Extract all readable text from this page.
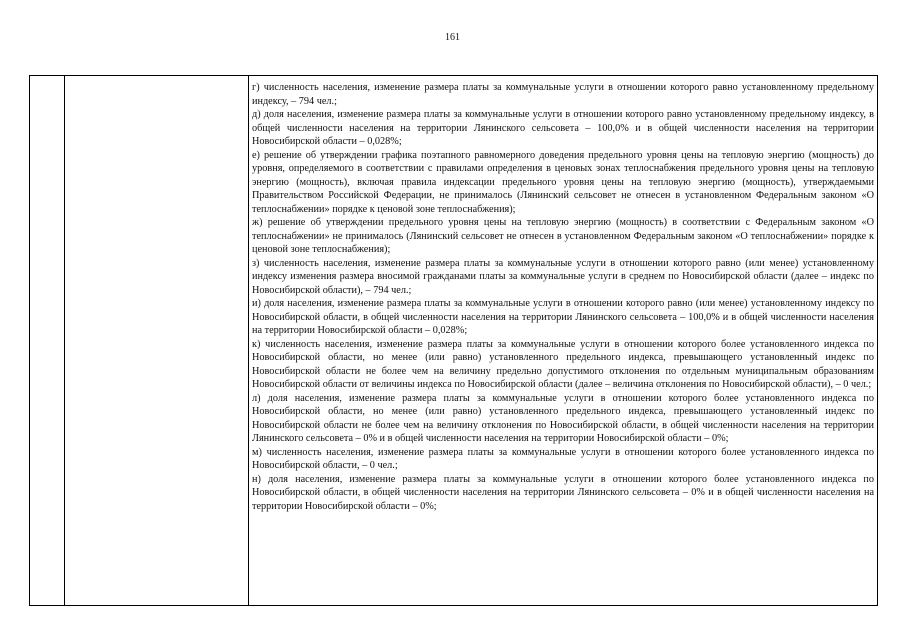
161

г) численность населения, изменение размера платы за коммунальные услуги в отношении которого равно установленному предельному индексу, – 794 чел.;

д) доля населения, изменение размера платы за коммунальные услуги в отношении которого равно установленному предельному индексу, в общей численности населения на территории Лянинского сельсовета – 100,0% и в общей численности населения на территории Новосибирской области – 0,028%;

е) решение об утверждении графика поэтапного равномерного доведения предельного уровня цены на тепловую энергию (мощность) до уровня, определяемого в соответствии с правилами определения в ценовых зонах теплоснабжения предельного уровня цены на тепловую энергию (мощность), включая правила индексации предельного уровня цены на тепловую энергию (мощность), утверждаемыми Правительством Российской Федерации, не принималось (Лянинский сельсовет не отнесен в установленном Федеральным законом «О теплоснабжении» порядке к ценовой зоне теплоснабжения);

ж) решение об утверждении предельного уровня цены на тепловую энергию (мощность) в соответствии с Федеральным законом «О теплоснабжении» не принималось (Лянинский сельсовет не отнесен в установленном Федеральным законом «О теплоснабжении» порядке к ценовой зоне теплоснабжения);

з) численность населения, изменение размера платы за коммунальные услуги в отношении которого равно (или менее) установленному индексу изменения размера вносимой гражданами платы за коммунальные услуги в среднем по Новосибирской области (далее – индекс по Новосибирской области), – 794 чел.;

и) доля населения, изменение размера платы за коммунальные услуги в отношении которого равно (или менее) установленному индексу по Новосибирской области, в общей численности населения на территории Лянинского сельсовета – 100,0% и в общей численности населения на территории Новосибирской области – 0,028%;

к) численность населения, изменение размера платы за коммунальные услуги в отношении которого более установленного индекса по Новосибирской области, но менее (или равно) установленного предельного индекса, превышающего установленный индекс по Новосибирской области не более чем на величину предельно допустимого отклонения по отдельным муниципальным образованиям Новосибирской области от величины индекса по Новосибирской области (далее – величина отклонения по Новосибирской области), – 0 чел.;

л) доля населения, изменение размера платы за коммунальные услуги в отношении которого более установленного индекса по Новосибирской области, но менее (или равно) установленного предельного индекса, превышающего установленный индекс по Новосибирской области не более чем на величину отклонения по Новосибирской области, в общей численности населения на территории Лянинского сельсовета – 0% и в общей численности населения на территории Новосибирской области – 0%;

м) численность населения, изменение размера платы за коммунальные услуги в отношении которого более установленного индекса по Новосибирской области, – 0 чел.;

н) доля населения, изменение размера платы за коммунальные услуги в отношении которого более установленного индекса по Новосибирской области, в общей численности населения на территории Лянинского сельсовета – 0% и в общей численности населения на территории Новосибирской области – 0%;
